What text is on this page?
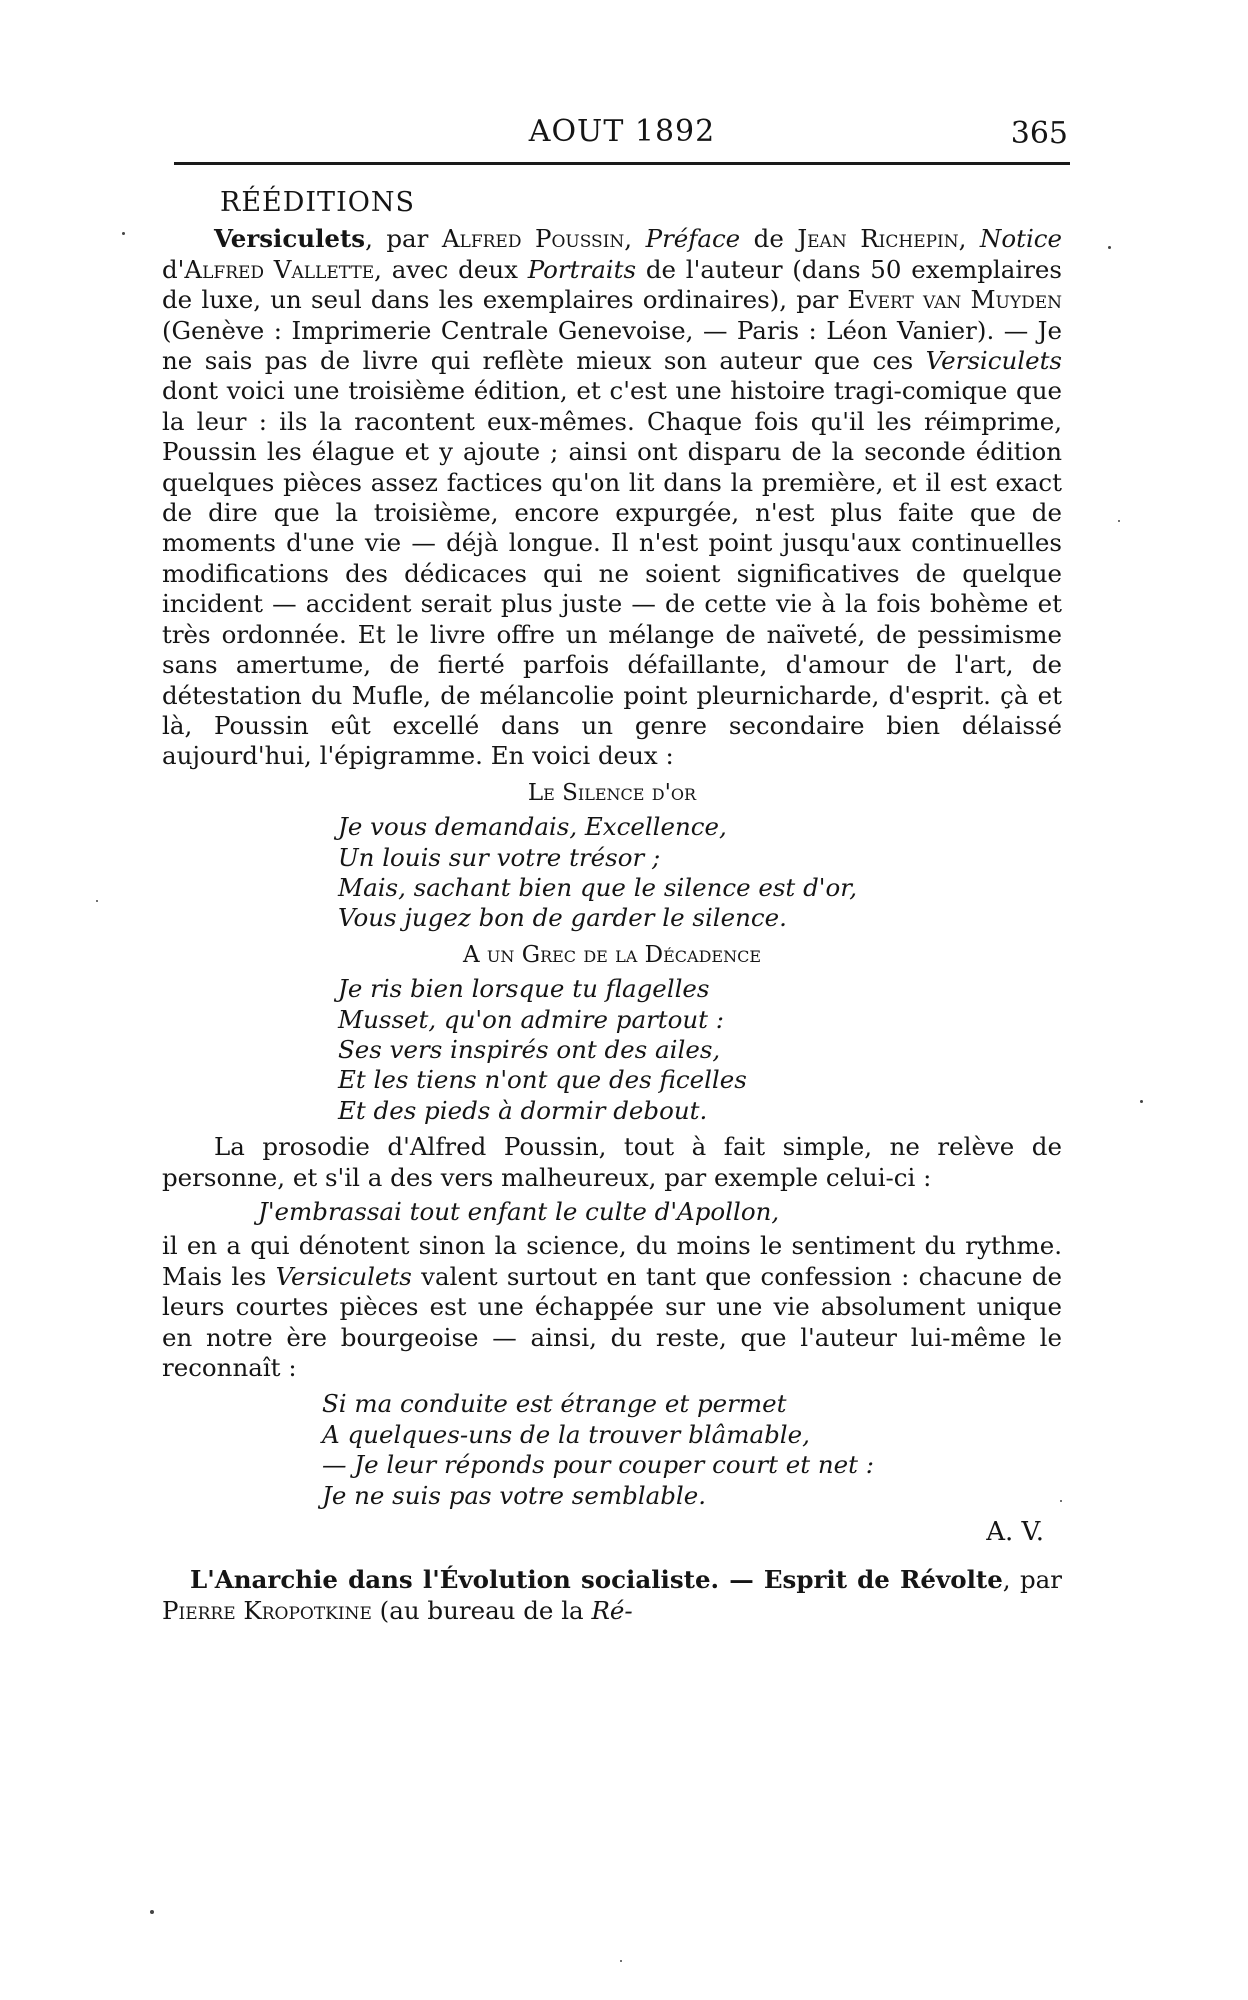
AOUT 1892	365
RÉÉDITIONS

Versiculets, par Alfred Poussin, Préface de Jean Richepin, Notice d'Alfred Vallette, avec deux Portraits de l'auteur (dans 50 exemplaires de luxe, un seul dans les exemplaires ordinaires), par Evert van Muyden (Genève : Imprimerie Centrale Genevoise, — Paris : Léon Vanier). — Je ne sais pas de livre qui reflète mieux son auteur que ces Versiculets dont voici une troisième édition, et c'est une histoire tragi-comique que la leur : ils la racontent eux-mêmes. Chaque fois qu'il les réimprime, Poussin les élague et y ajoute ; ainsi ont disparu de la seconde édition quelques pièces assez factices qu'on lit dans la première, et il est exact de dire que la troisième, encore expurgée, n'est plus faite que de moments d'une vie — déjà longue. Il n'est point jusqu'aux continuelles modifications des dédicaces qui ne soient significatives de quelque incident — accident serait plus juste — de cette vie à la fois bohème et très ordonnée. Et le livre offre un mélange de naïveté, de pessimisme sans amertume, de fierté parfois défaillante, d'amour de l'art, de détestation du Mufle, de mélancolie point pleurnicharde, d'esprit. çà et là, Poussin eût excellé dans un genre secondaire bien délaissé aujourd'hui, l'épigramme. En voici deux :

Le Silence d'or

Je vous demandais, Excellence,

Un louis sur votre trésor ;

Mais, sachant bien que le silence est d'or,

Vous jugez bon de garder le silence.

A un Grec de la Décadence

Je ris bien lorsque tu flagelles

Musset, qu'on admire partout :

Ses vers inspirés ont des ailes,

Et les tiens n'ont que des ficelles

Et des pieds à dormir debout.

La prosodie d'Alfred Poussin, tout à fait simple, ne relève de personne, et s'il a des vers malheureux, par exemple celui-ci :

J'embrassai tout enfant le culte d'Apollon,

il en a qui dénotent sinon la science, du moins le sentiment du rythme. Mais les Versiculets valent surtout en tant que confession : chacune de leurs courtes pièces est une échappée sur une vie absolument unique en notre ère bourgeoise — ainsi, du reste, que l'auteur lui-même le reconnaît :

Si ma conduite est étrange et permet

A quelques-uns de la trouver blâmable,

— Je leur réponds pour couper court et net :

Je ne suis pas votre semblable.

A. V.

L'Anarchie dans l'Évolution socialiste. — Esprit de Révolte, par Pierre Kropotkine (au bureau de la Ré-
